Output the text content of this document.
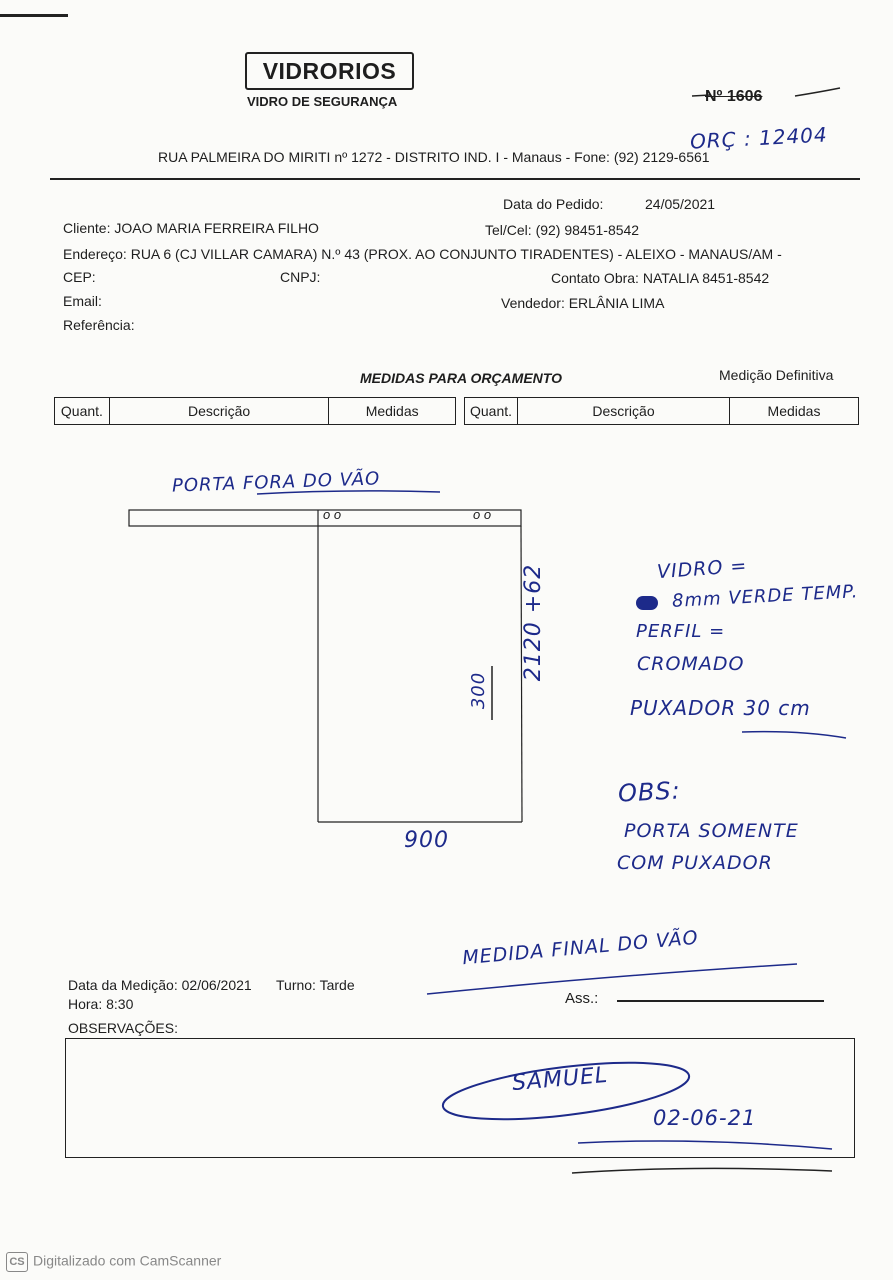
VIDRORIOS
VIDRO DE SEGURANÇA	Nº 1606
ORÇ : 12404
RUA PALMEIRA DO MIRITI nº 1272 - DISTRITO IND. I - Manaus - Fone: (92) 2129-6561
Data do Pedido:	24/05/2021
Cliente: JOAO MARIA FERREIRA FILHO	Tel/Cel: (92) 98451-8542
Endereço: RUA 6 (CJ VILLAR CAMARA) N.º 43 (PROX. AO CONJUNTO TIRADENTES) - ALEIXO - MANAUS/AM -
CEP:	CNPJ:	Contato Obra: NATALIA 8451-8542
Email:	Vendedor: ERLÂNIA LIMA
Referência:
MEDIDAS PARA ORÇAMENTO	Medição Definitiva
Quant.	Descrição	Medidas	Quant.	Descrição	Medidas
PORTA FORA DO VÃO
o o	o o
2120 +62
300
900
VIDRO =
8mm VERDE TEMP.
PERFIL =
CROMADO
PUXADOR 30 cm
OBS:
PORTA SOMENTE
COM PUXADOR
MEDIDA FINAL DO VÃO
Data da Medição: 02/06/2021 Turno: Tarde
Hora: 8:30	Ass.:
OBSERVAÇÕES:
SAMUEL
02-06-21
CS Digitalizado com CamScanner
